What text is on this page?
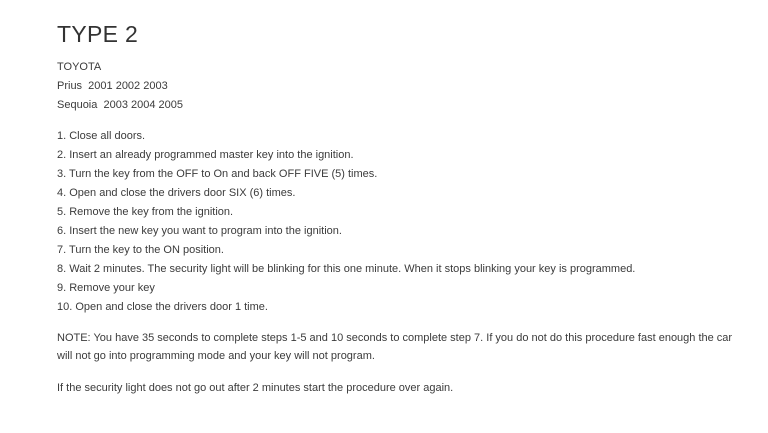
TYPE 2
TOYOTA
Prius  2001 2002 2003
Sequoia  2003 2004 2005
1. Close all doors.
2. Insert an already programmed master key into the ignition.
3. Turn the key from the OFF to On and back OFF FIVE (5) times.
4. Open and close the drivers door SIX (6) times.
5. Remove the key from the ignition.
6. Insert the new key you want to program into the ignition.
7. Turn the key to the ON position.
8. Wait 2 minutes. The security light will be blinking for this one minute. When it stops blinking your key is programmed.
9. Remove your key
10. Open and close the drivers door 1 time.

NOTE: You have 35 seconds to complete steps 1-5 and 10 seconds to complete step 7. If you do not do this procedure fast enough the car will not go into programming mode and your key will not program.

If the security light does not go out after 2 minutes start the procedure over again.
